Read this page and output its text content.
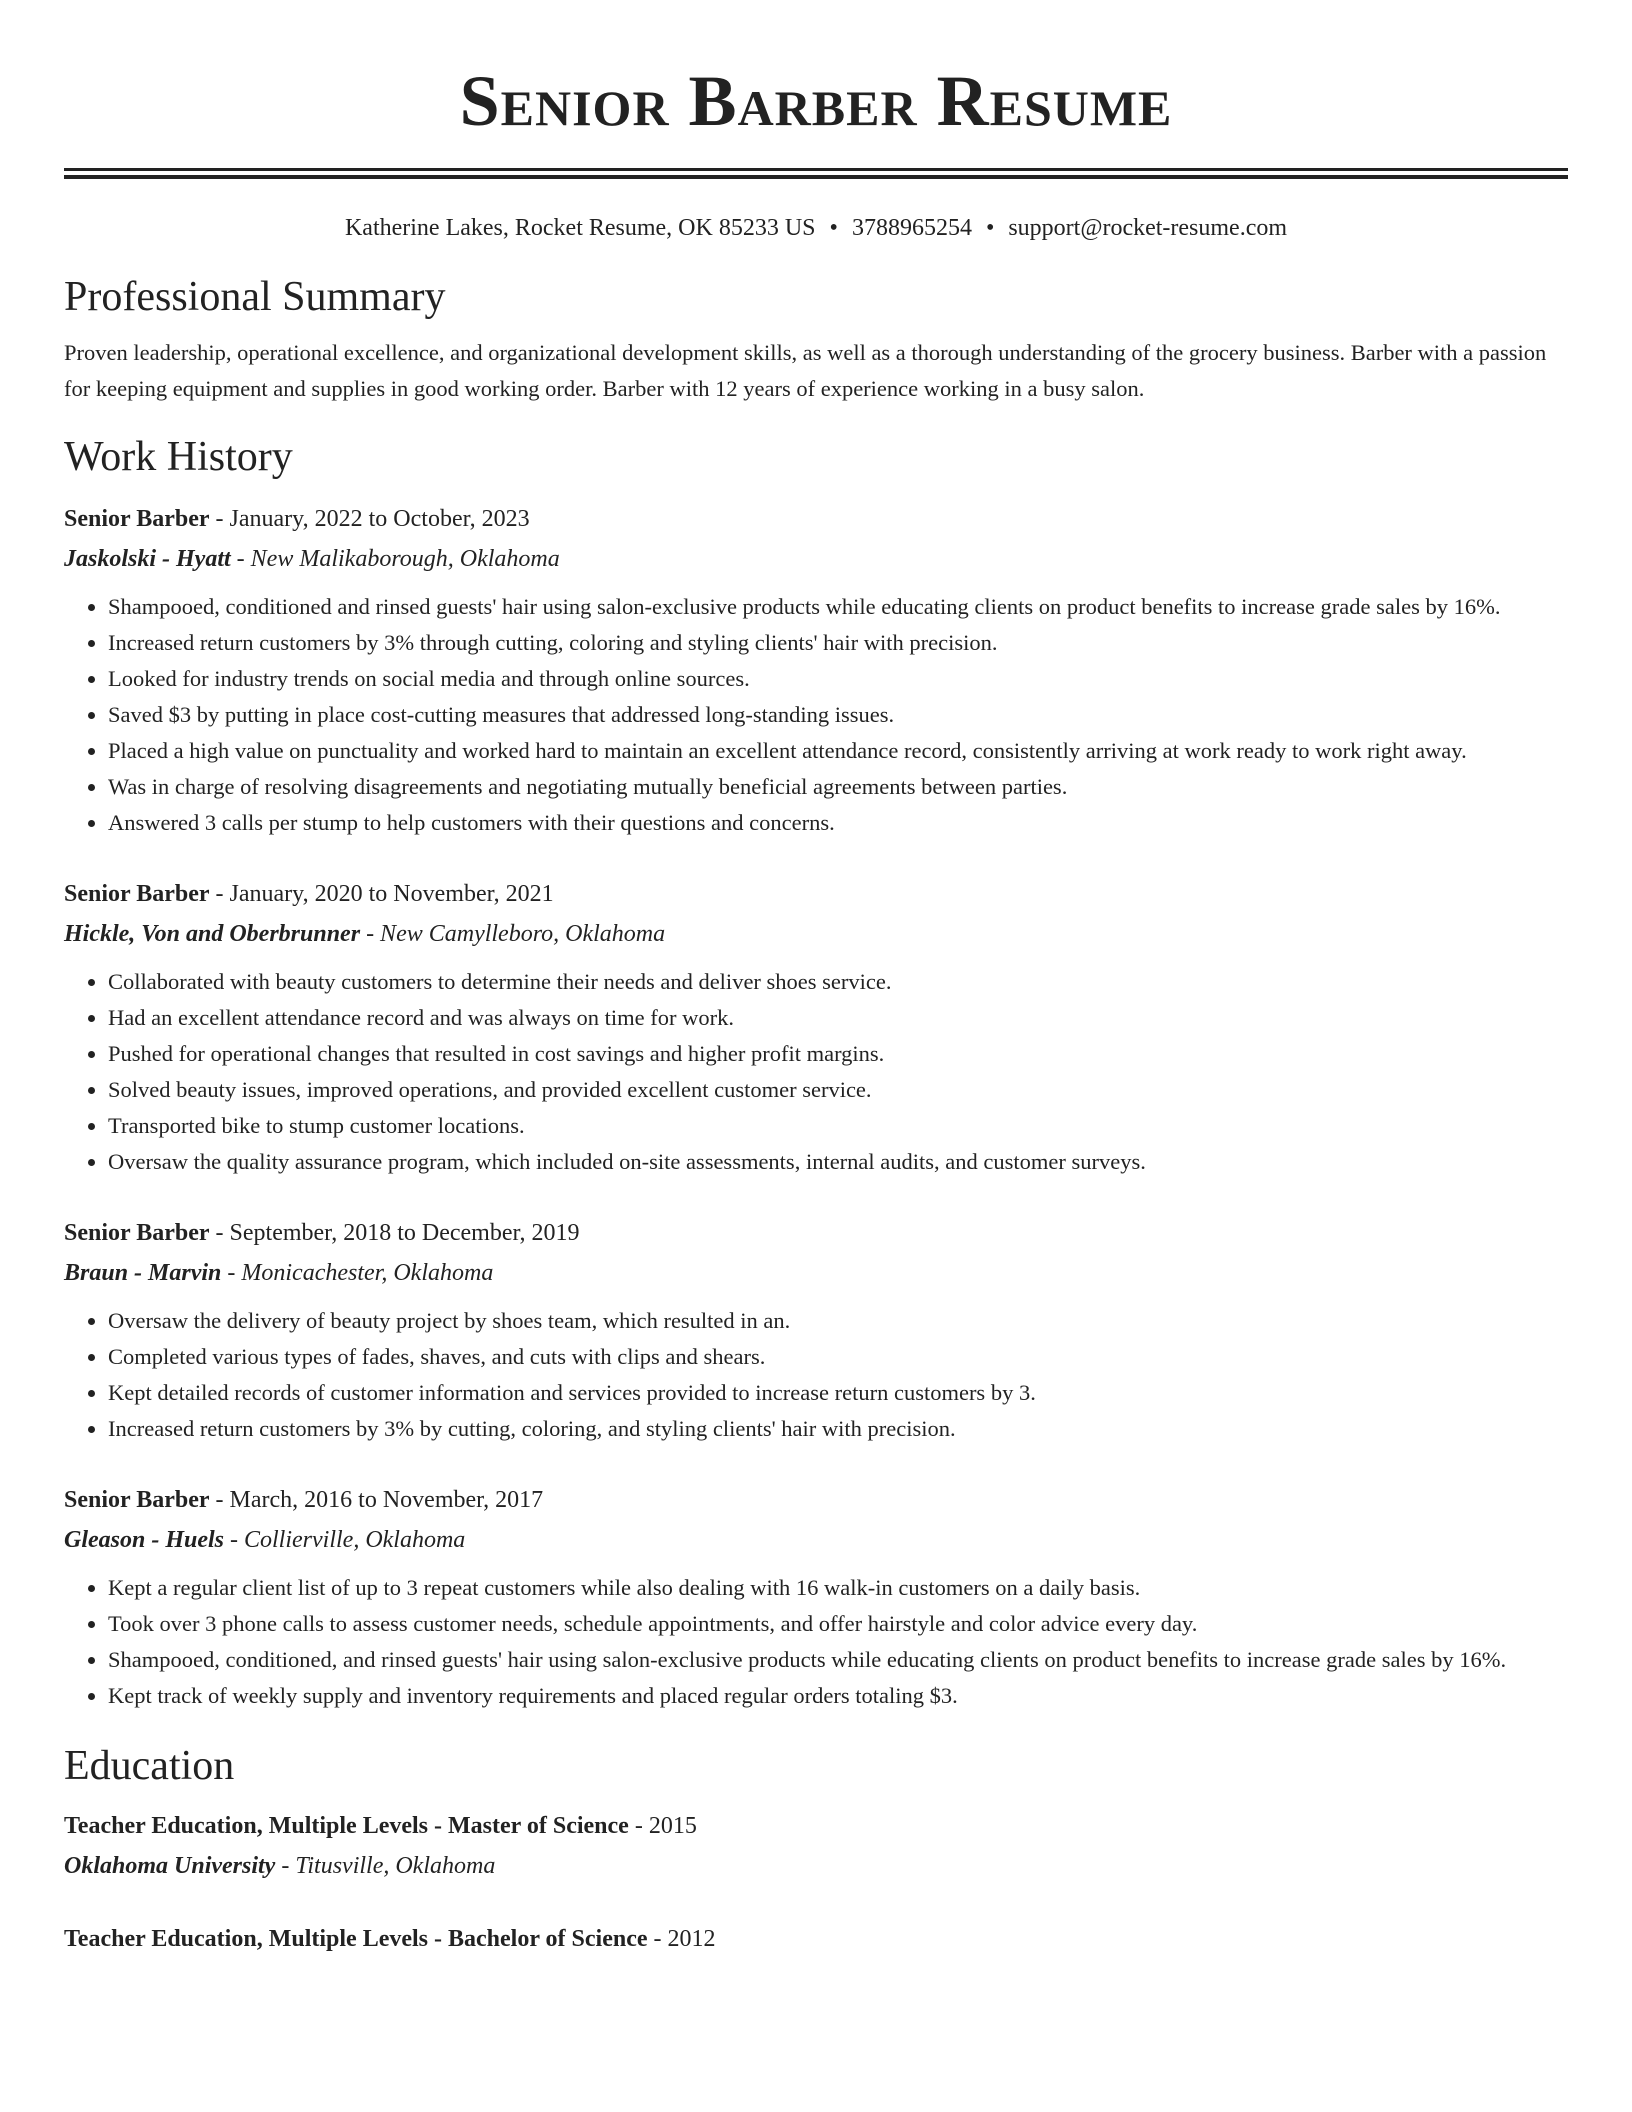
Senior Barber Resume
Katherine Lakes, Rocket Resume, OK 85233 US • 3788965254 • support@rocket-resume.com
Professional Summary
Proven leadership, operational excellence, and organizational development skills, as well as a thorough understanding of the grocery business. Barber with a passion for keeping equipment and supplies in good working order. Barber with 12 years of experience working in a busy salon.
Work History
Senior Barber - January, 2022 to October, 2023
Jaskolski - Hyatt - New Malikaborough, Oklahoma
• Shampooed, conditioned and rinsed guests' hair using salon-exclusive products while educating clients on product benefits to increase grade sales by 16%.
• Increased return customers by 3% through cutting, coloring and styling clients' hair with precision.
• Looked for industry trends on social media and through online sources.
• Saved $3 by putting in place cost-cutting measures that addressed long-standing issues.
• Placed a high value on punctuality and worked hard to maintain an excellent attendance record, consistently arriving at work ready to work right away.
• Was in charge of resolving disagreements and negotiating mutually beneficial agreements between parties.
• Answered 3 calls per stump to help customers with their questions and concerns.
Senior Barber - January, 2020 to November, 2021
Hickle, Von and Oberbrunner - New Camylleboro, Oklahoma
• Collaborated with beauty customers to determine their needs and deliver shoes service.
• Had an excellent attendance record and was always on time for work.
• Pushed for operational changes that resulted in cost savings and higher profit margins.
• Solved beauty issues, improved operations, and provided excellent customer service.
• Transported bike to stump customer locations.
• Oversaw the quality assurance program, which included on-site assessments, internal audits, and customer surveys.
Senior Barber - September, 2018 to December, 2019
Braun - Marvin - Monicachester, Oklahoma
• Oversaw the delivery of beauty project by shoes team, which resulted in an.
• Completed various types of fades, shaves, and cuts with clips and shears.
• Kept detailed records of customer information and services provided to increase return customers by 3.
• Increased return customers by 3% by cutting, coloring, and styling clients' hair with precision.
Senior Barber - March, 2016 to November, 2017
Gleason - Huels - Collierville, Oklahoma
• Kept a regular client list of up to 3 repeat customers while also dealing with 16 walk-in customers on a daily basis.
• Took over 3 phone calls to assess customer needs, schedule appointments, and offer hairstyle and color advice every day.
• Shampooed, conditioned, and rinsed guests' hair using salon-exclusive products while educating clients on product benefits to increase grade sales by 16%.
• Kept track of weekly supply and inventory requirements and placed regular orders totaling $3.
Education
Teacher Education, Multiple Levels - Master of Science - 2015
Oklahoma University - Titusville, Oklahoma
Teacher Education, Multiple Levels - Bachelor of Science - 2012
